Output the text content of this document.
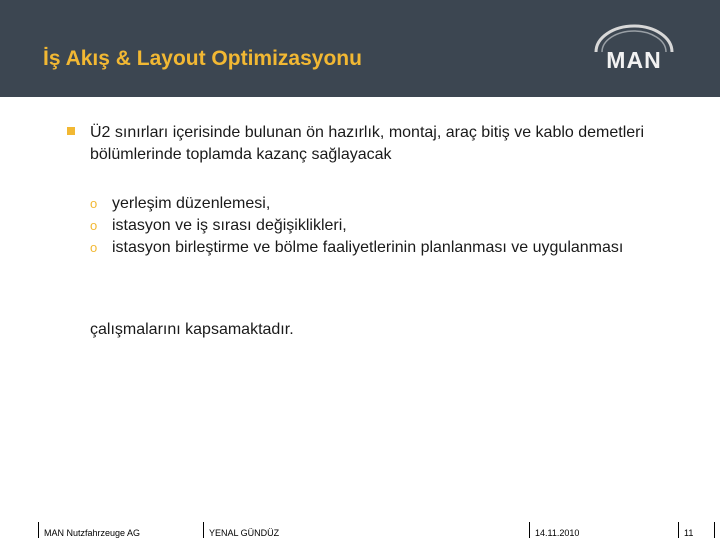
İş Akış & Layout Optimizasyonu	MAN
Ü2 sınırları içerisinde bulunan ön hazırlık, montaj, araç bitiş ve kablo demetleri bölümlerinde toplamda kazanç sağlayacak
o yerleşim düzenlemesi,
o istasyon ve iş sırası değişiklikleri,
o istasyon birleştirme ve bölme faaliyetlerinin planlanması ve uygulanması
çalışmalarını kapsamaktadır.
MAN Nutzfahrzeuge AG	YENAL GÜNDÜZ	14.11.2010	11
